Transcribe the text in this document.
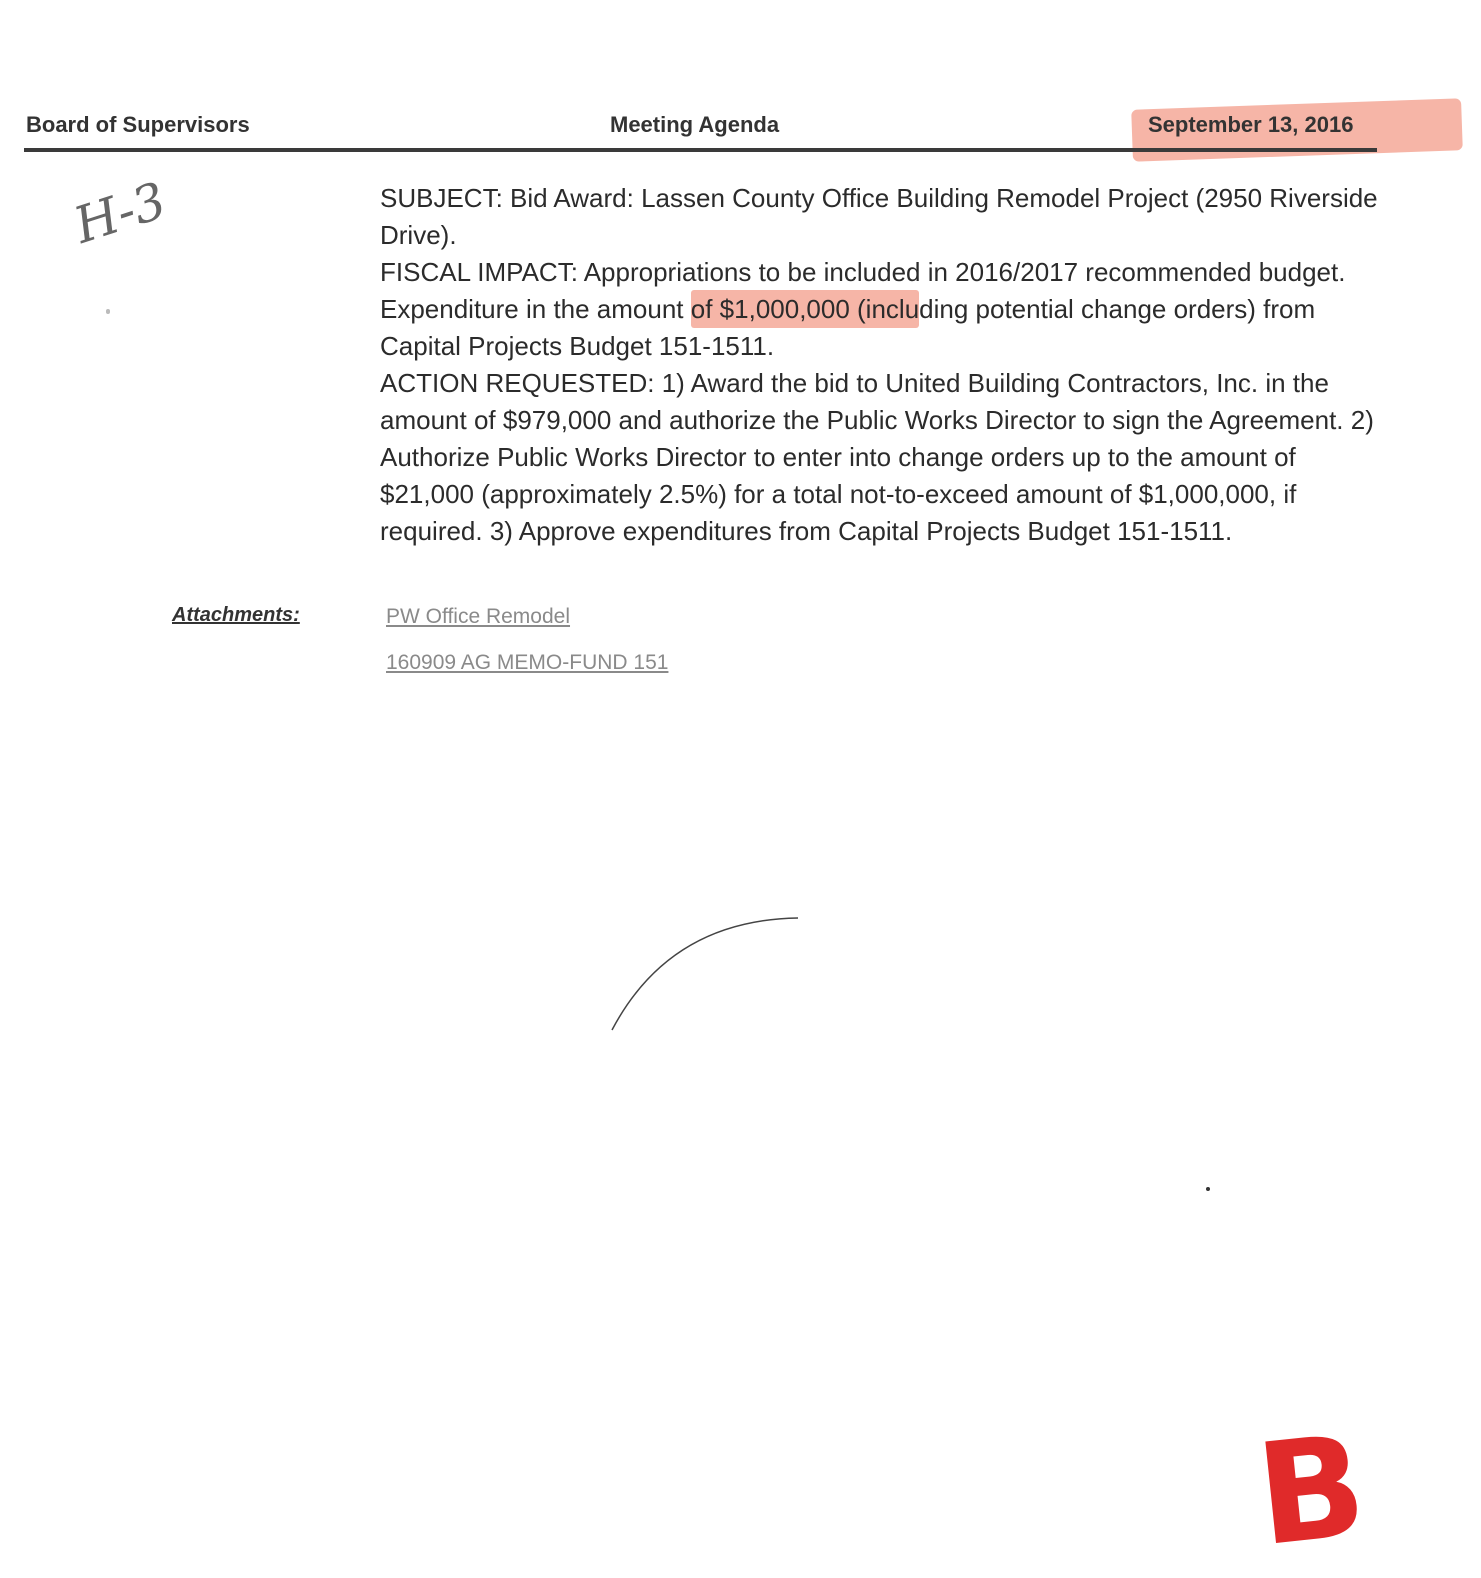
Board of Supervisors	Meeting Agenda	September 13, 2016
H-3	SUBJECT: Bid Award: Lassen County Office Building Remodel Project (2950 Riverside Drive).

FISCAL IMPACT: Appropriations to be included in 2016/2017 recommended budget. Expenditure in the amount of $1,000,000 (including potential change orders) from Capital Projects Budget 151-1511.

ACTION REQUESTED: 1) Award the bid to United Building Contractors, Inc. in the amount of $979,000 and authorize the Public Works Director to sign the Agreement. 2) Authorize Public Works Director to enter into change orders up to the amount of $21,000 (approximately 2.5%) for a total not-to-exceed amount of $1,000,000, if required. 3) Approve expenditures from Capital Projects Budget 151-1511.

Attachments:	PW Office Remodel
160909 AG MEMO-FUND 151
B
